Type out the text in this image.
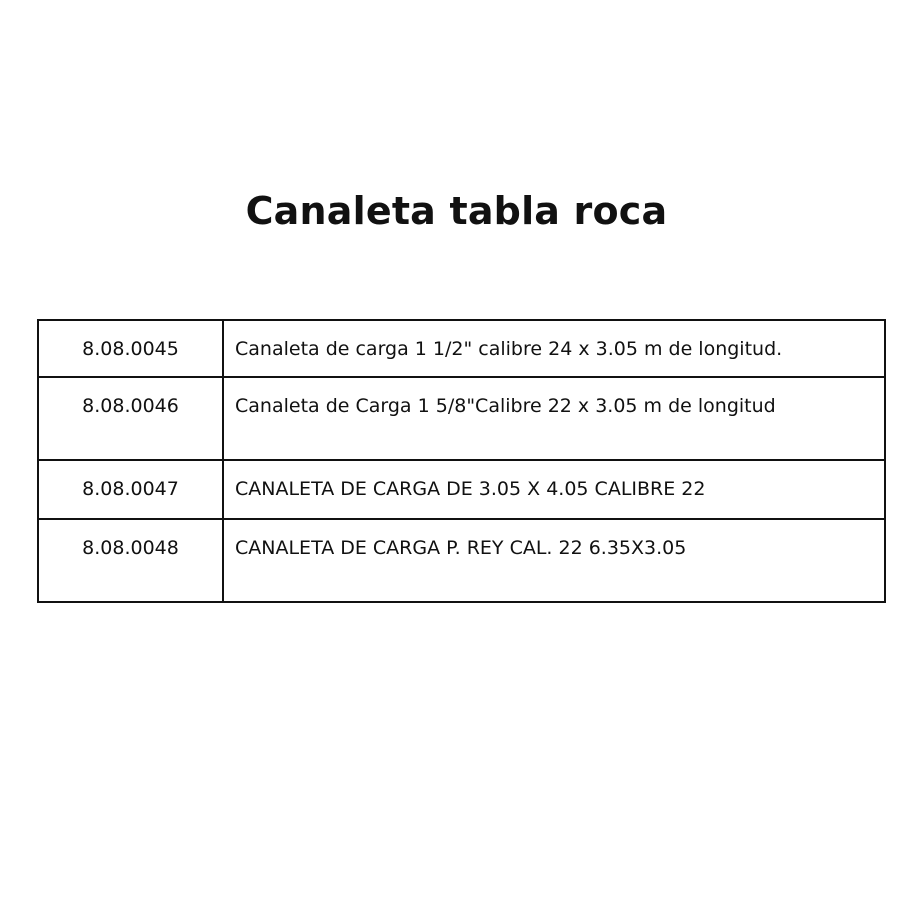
Canaleta tabla roca
8.08.0045	Canaleta de carga 1 1/2" calibre 24 x 3.05 m de longitud.
8.08.0046	Canaleta de Carga 1 5/8"Calibre 22 x 3.05 m de longitud
8.08.0047	CANALETA DE CARGA DE 3.05 X 4.05 CALIBRE 22
8.08.0048	CANALETA DE CARGA P. REY CAL. 22 6.35X3.05
